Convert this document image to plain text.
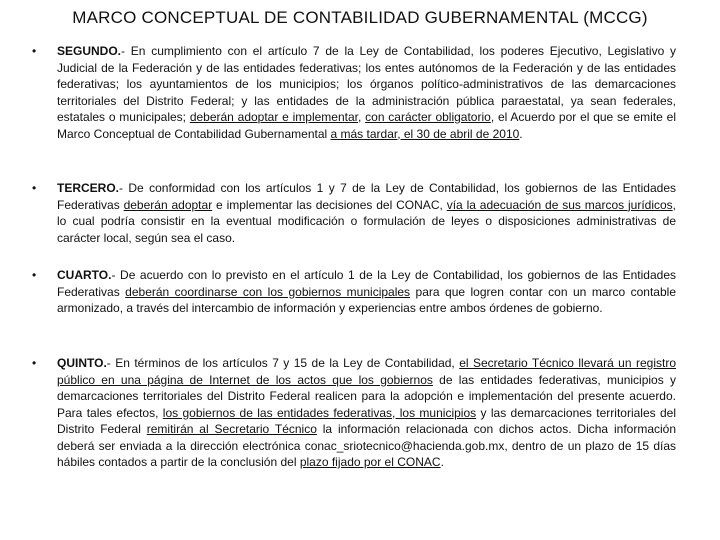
MARCO CONCEPTUAL DE CONTABILIDAD GUBERNAMENTAL (MCCG)
• SEGUNDO.- En cumplimiento con el artículo 7 de la Ley de Contabilidad, los poderes Ejecutivo, Legislativo y Judicial de la Federación y de las entidades federativas; los entes autónomos de la Federación y de las entidades federativas; los ayuntamientos de los municipios; los órganos político-administrativos de las demarcaciones territoriales del Distrito Federal; y las entidades de la administración pública paraestatal, ya sean federales, estatales o municipales; deberán adoptar e implementar, con carácter obligatorio, el Acuerdo por el que se emite el Marco Conceptual de Contabilidad Gubernamental a más tardar, el 30 de abril de 2010.
• TERCERO.- De conformidad con los artículos 1 y 7 de la Ley de Contabilidad, los gobiernos de las Entidades Federativas deberán adoptar e implementar las decisiones del CONAC, vía la adecuación de sus marcos jurídicos, lo cual podría consistir en la eventual modificación o formulación de leyes o disposiciones administrativas de carácter local, según sea el caso.
• CUARTO.- De acuerdo con lo previsto en el artículo 1 de la Ley de Contabilidad, los gobiernos de las Entidades Federativas deberán coordinarse con los gobiernos municipales para que logren contar con un marco contable armonizado, a través del intercambio de información y experiencias entre ambos órdenes de gobierno.
• QUINTO.- En términos de los artículos 7 y 15 de la Ley de Contabilidad, el Secretario Técnico llevará un registro público en una página de Internet de los actos que los gobiernos de las entidades federativas, municipios y demarcaciones territoriales del Distrito Federal realicen para la adopción e implementación del presente acuerdo. Para tales efectos, los gobiernos de las entidades federativas, los municipios y las demarcaciones territoriales del Distrito Federal remitirán al Secretario Técnico la información relacionada con dichos actos. Dicha información deberá ser enviada a la dirección electrónica conac_sriotecnico@hacienda.gob.mx, dentro de un plazo de 15 días hábiles contados a partir de la conclusión del plazo fijado por el CONAC.
